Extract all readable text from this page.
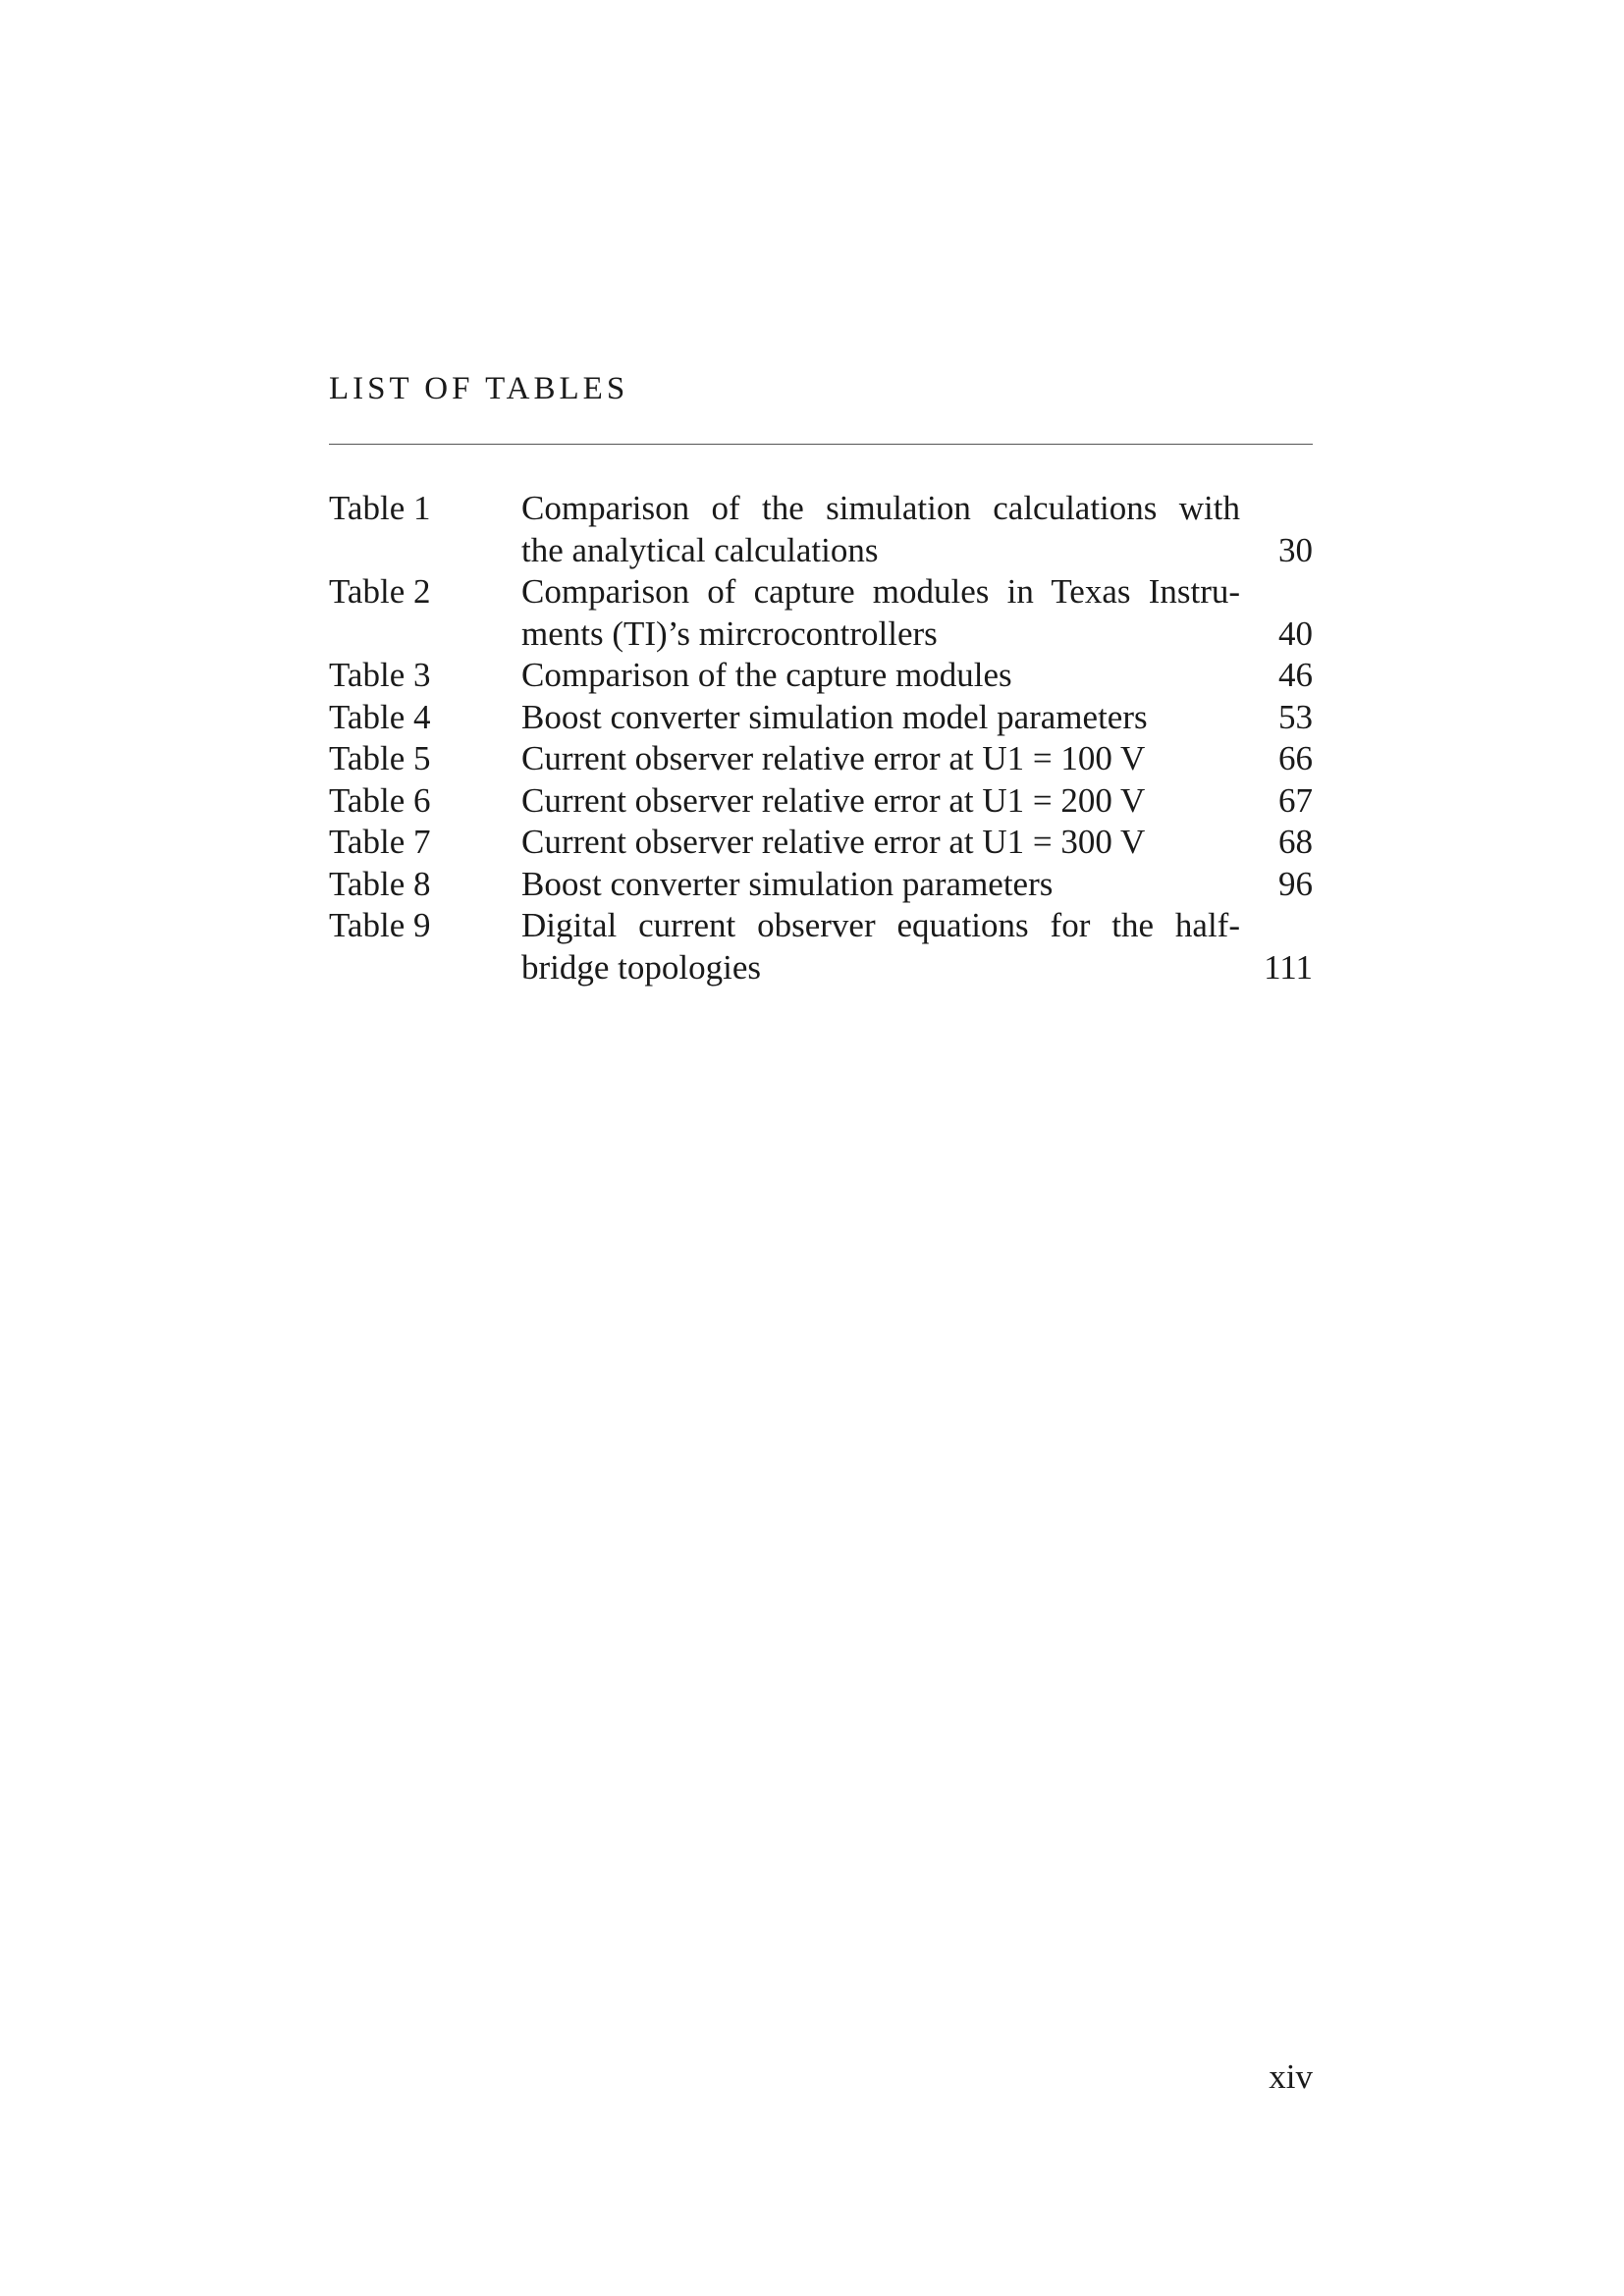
LIST OF TABLES
Table 1	Comparison of the simulation calculations with
the analytical calculations	30
Table 2	Comparison of capture modules in Texas Instru-
ments (TI)’s mircrocontrollers	40
Table 3	Comparison of the capture modules	46
Table 4	Boost converter simulation model parameters	53
Table 5	Current observer relative error at U1 = 100 V	66
Table 6	Current observer relative error at U1 = 200 V	67
Table 7	Current observer relative error at U1 = 300 V	68
Table 8	Boost converter simulation parameters	96
Table 9	Digital current observer equations for the half-
bridge topologies	111
xiv
